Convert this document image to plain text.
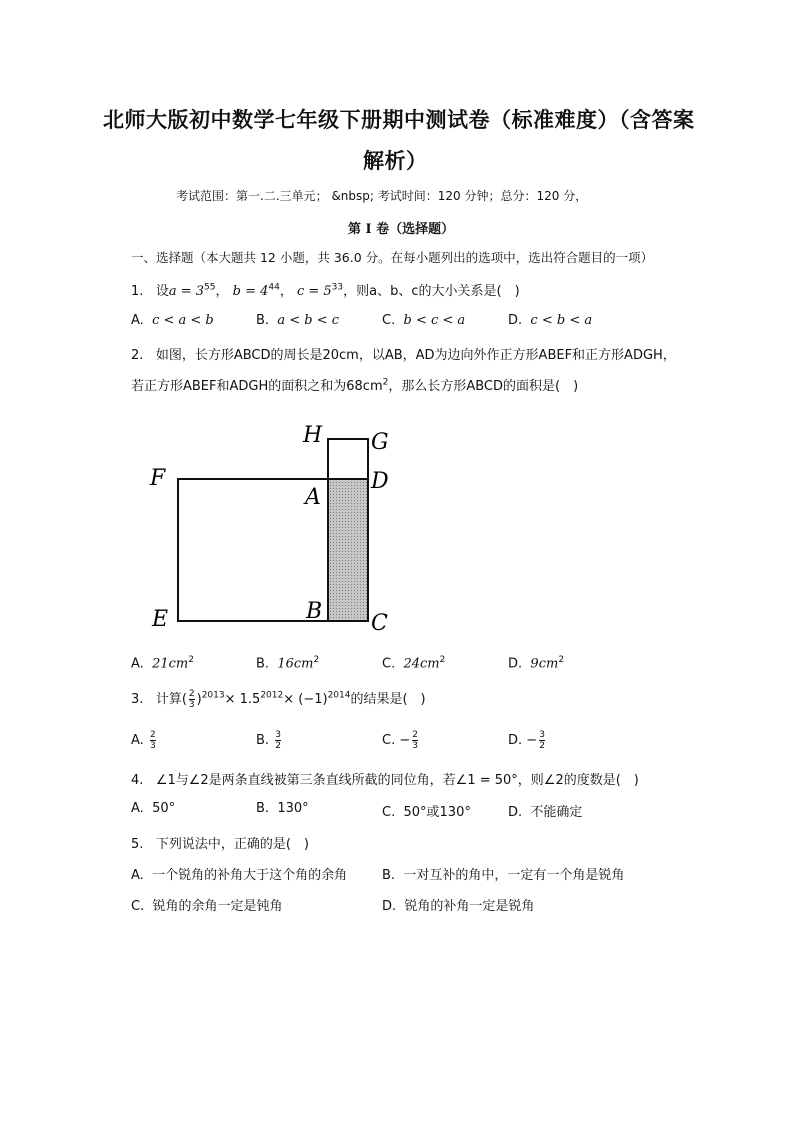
北师大版初中数学七年级下册期中测试卷（标准难度）（含答案
解析）
考试范围：第一.二.三单元； &nbsp; 考试时间：120 分钟；总分：120 分，
第 I 卷（选择题）
一、选择题（本大题共 12 小题，共 36.0 分。在每小题列出的选项中，选出符合题目的一项）
1. 设$a = 3^{55}$， $b = 4^{44}$， $c = 5^{33}$，则a、b、c的大小关系是(　)
A. c < a < b	B. a < b < c	C. b < c < a	D. c < b < a
2. 如图，长方形ABCD的周长是20cm，以AB，AD为边向外作正方形ABEF和正方形ADGH，
若正方形ABEF和ADGH的面积之和为$68cm^2$，那么长方形ABCD的面积是(　)
H G
F
A
D
E	B C
A. $21cm^2$	B. $16cm^2$	C. $24cm^2$	D. $9cm^2$
3. 计算( $\frac{2}{3} )^{2013}\times 1.5^{2012}\times (-1)^{2014}$的结果是(　)
A. $\frac{2}{3}$	B. $\frac{3}{2}$	C. − $\frac{2}{3}$	D. − $\frac{3}{2}$
4. ∠1与∠2是两条直线被第三条直线所截的同位角，若∠1 = 50°，则∠2的度数是(　)
A. 50°	B. 130°	C. 50°或130°	D. 不能确定
5. 下列说法中，正确的是(　)
A. 一个锐角的补角大于这个角的余角	B. 一对互补的角中，一定有一个角是锐角
C. 锐角的余角一定是钝角	D. 锐角的补角一定是锐角
